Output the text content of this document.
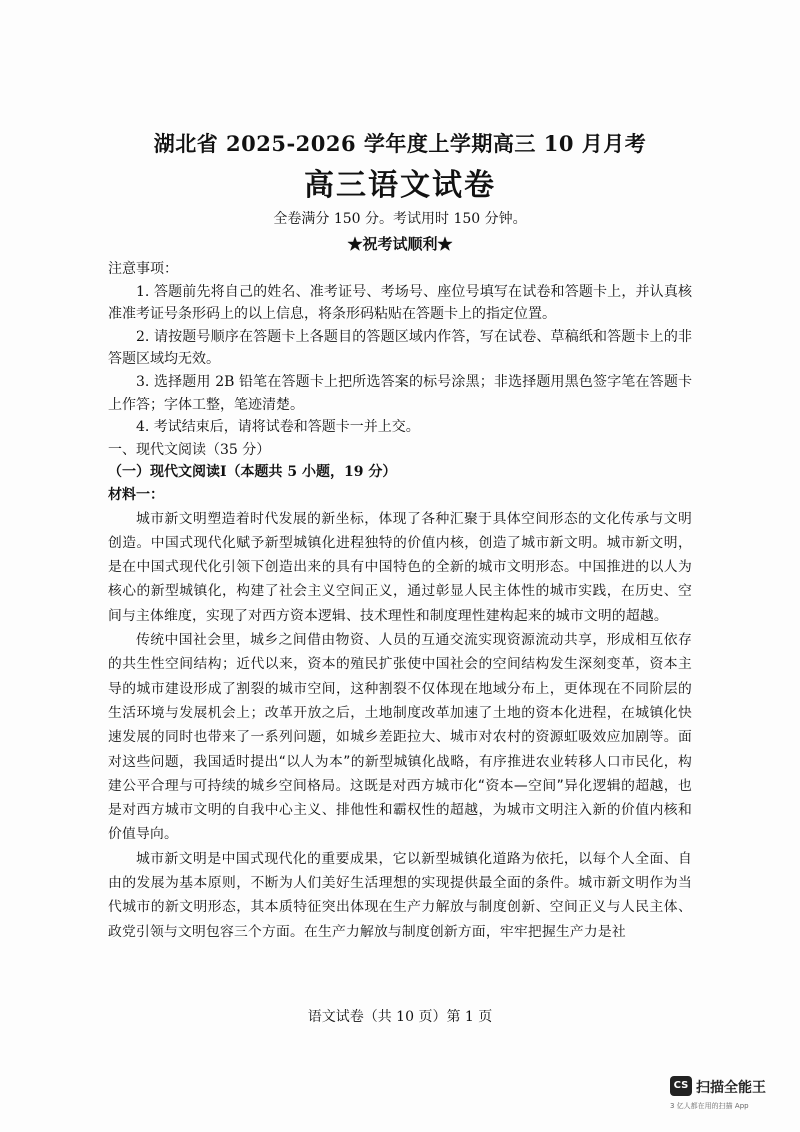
湖北省 2025-2026 学年度上学期高三 10 月月考
高三语文试卷
全卷满分 150 分。考试用时 150 分钟。
★祝考试顺利★

注意事项：

1. 答题前先将自己的姓名、准考证号、考场号、座位号填写在试卷和答题卡上，并认真核准准考证号条形码上的以上信息，将条形码粘贴在答题卡上的指定位置。

2. 请按题号顺序在答题卡上各题目的答题区域内作答，写在试卷、草稿纸和答题卡上的非答题区域均无效。

3. 选择题用 2B 铅笔在答题卡上把所选答案的标号涂黑；非选择题用黑色签字笔在答题卡上作答；字体工整，笔迹清楚。

4. 考试结束后，请将试卷和答题卡一并上交。

一、现代文阅读（35 分）

（一）现代文阅读Ⅰ（本题共 5 小题，19 分）

材料一：

城市新文明塑造着时代发展的新坐标，体现了各种汇聚于具体空间形态的文化传承与文明创造。中国式现代化赋予新型城镇化进程独特的价值内核，创造了城市新文明。城市新文明，是在中国式现代化引领下创造出来的具有中国特色的全新的城市文明形态。中国推进的以人为核心的新型城镇化，构建了社会主义空间正义，通过彰显人民主体性的城市实践，在历史、空间与主体维度，实现了对西方资本逻辑、技术理性和制度理性建构起来的城市文明的超越。

传统中国社会里，城乡之间借由物资、人员的互通交流实现资源流动共享，形成相互依存的共生性空间结构；近代以来，资本的殖民扩张使中国社会的空间结构发生深刻变革，资本主导的城市建设形成了割裂的城市空间，这种割裂不仅体现在地域分布上，更体现在不同阶层的生活环境与发展机会上；改革开放之后，土地制度改革加速了土地的资本化进程，在城镇化快速发展的同时也带来了一系列问题，如城乡差距拉大、城市对农村的资源虹吸效应加剧等。面对这些问题，我国适时提出“以人为本”的新型城镇化战略，有序推进农业转移人口市民化，构建公平合理与可持续的城乡空间格局。这既是对西方城市化“资本—空间”异化逻辑的超越，也是对西方城市文明的自我中心主义、排他性和霸权性的超越，为城市文明注入新的价值内核和价值导向。

城市新文明是中国式现代化的重要成果，它以新型城镇化道路为依托，以每个人全面、自由的发展为基本原则，不断为人们美好生活理想的实现提供最全面的条件。城市新文明作为当代城市的新文明形态，其本质特征突出体现在生产力解放与制度创新、空间正义与人民主体、政党引领与文明包容三个方面。在生产力解放与制度创新方面，牢牢把握生产力是社

语文试卷（共 10 页）第 1 页
CS 扫描全能王
3 亿人都在用的扫描 App
